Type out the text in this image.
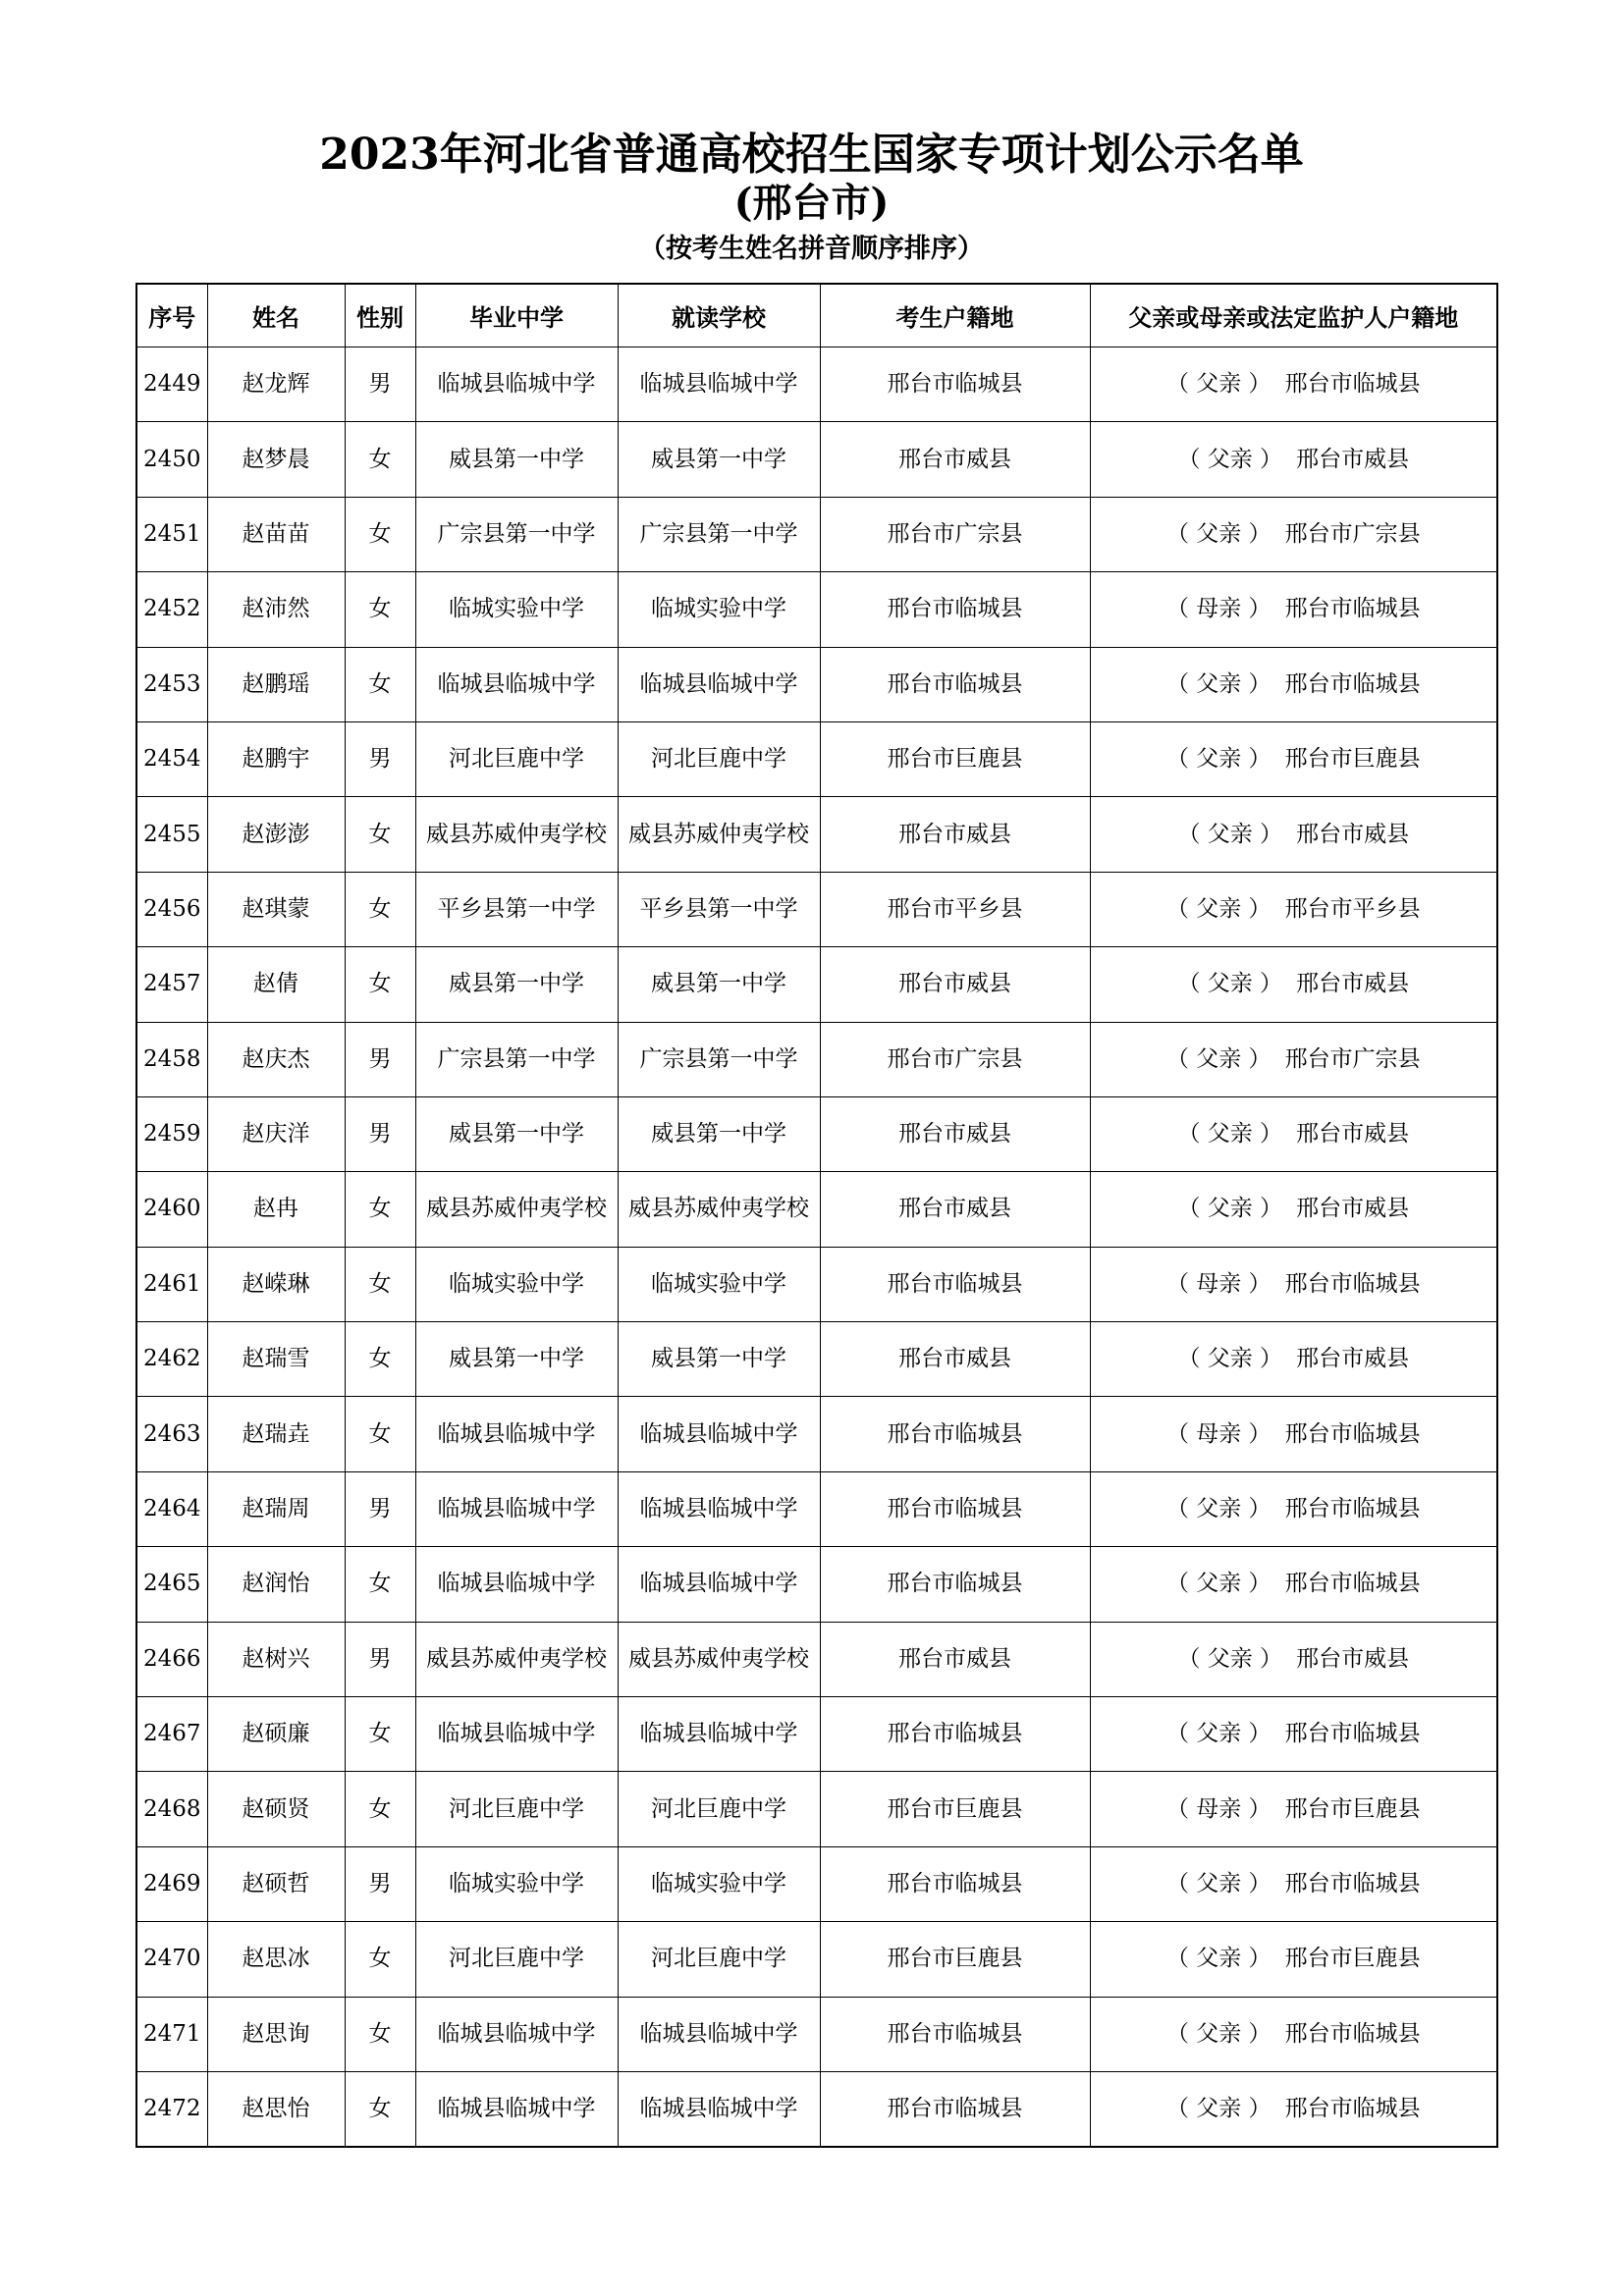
2023年河北省普通高校招生国家专项计划公示名单

(邢台市)

（按考生姓名拼音顺序排序）

序号	姓名	性别	毕业中学	就读学校	考生户籍地	父亲或母亲或法定监护人户籍地
2449	赵龙辉	男	临城县临城中学	临城县临城中学	邢台市临城县	（ 父亲 ） 邢台市临城县
2450	赵梦晨	女	威县第一中学	威县第一中学	邢台市威县	（ 父亲 ） 邢台市威县
2451	赵苗苗	女	广宗县第一中学	广宗县第一中学	邢台市广宗县	（ 父亲 ） 邢台市广宗县
2452	赵沛然	女	临城实验中学	临城实验中学	邢台市临城县	（ 母亲 ） 邢台市临城县
2453	赵鹏瑶	女	临城县临城中学	临城县临城中学	邢台市临城县	（ 父亲 ） 邢台市临城县
2454	赵鹏宇	男	河北巨鹿中学	河北巨鹿中学	邢台市巨鹿县	（ 父亲 ） 邢台市巨鹿县
2455	赵澎澎	女	威县苏威仲夷学校	威县苏威仲夷学校	邢台市威县	（ 父亲 ） 邢台市威县
2456	赵琪蒙	女	平乡县第一中学	平乡县第一中学	邢台市平乡县	（ 父亲 ） 邢台市平乡县
2457	赵倩	女	威县第一中学	威县第一中学	邢台市威县	（ 父亲 ） 邢台市威县
2458	赵庆杰	男	广宗县第一中学	广宗县第一中学	邢台市广宗县	（ 父亲 ） 邢台市广宗县
2459	赵庆洋	男	威县第一中学	威县第一中学	邢台市威县	（ 父亲 ） 邢台市威县
2460	赵冉	女	威县苏威仲夷学校	威县苏威仲夷学校	邢台市威县	（ 父亲 ） 邢台市威县
2461	赵嵘琳	女	临城实验中学	临城实验中学	邢台市临城县	（ 母亲 ） 邢台市临城县
2462	赵瑞雪	女	威县第一中学	威县第一中学	邢台市威县	（ 父亲 ） 邢台市威县
2463	赵瑞垚	女	临城县临城中学	临城县临城中学	邢台市临城县	（ 母亲 ） 邢台市临城县
2464	赵瑞周	男	临城县临城中学	临城县临城中学	邢台市临城县	（ 父亲 ） 邢台市临城县
2465	赵润怡	女	临城县临城中学	临城县临城中学	邢台市临城县	（ 父亲 ） 邢台市临城县
2466	赵树兴	男	威县苏威仲夷学校	威县苏威仲夷学校	邢台市威县	（ 父亲 ） 邢台市威县
2467	赵硕廉	女	临城县临城中学	临城县临城中学	邢台市临城县	（ 父亲 ） 邢台市临城县
2468	赵硕贤	女	河北巨鹿中学	河北巨鹿中学	邢台市巨鹿县	（ 母亲 ） 邢台市巨鹿县
2469	赵硕哲	男	临城实验中学	临城实验中学	邢台市临城县	（ 父亲 ） 邢台市临城县
2470	赵思冰	女	河北巨鹿中学	河北巨鹿中学	邢台市巨鹿县	（ 父亲 ） 邢台市巨鹿县
2471	赵思询	女	临城县临城中学	临城县临城中学	邢台市临城县	（ 父亲 ） 邢台市临城县
2472	赵思怡	女	临城县临城中学	临城县临城中学	邢台市临城县	（ 父亲 ） 邢台市临城县
